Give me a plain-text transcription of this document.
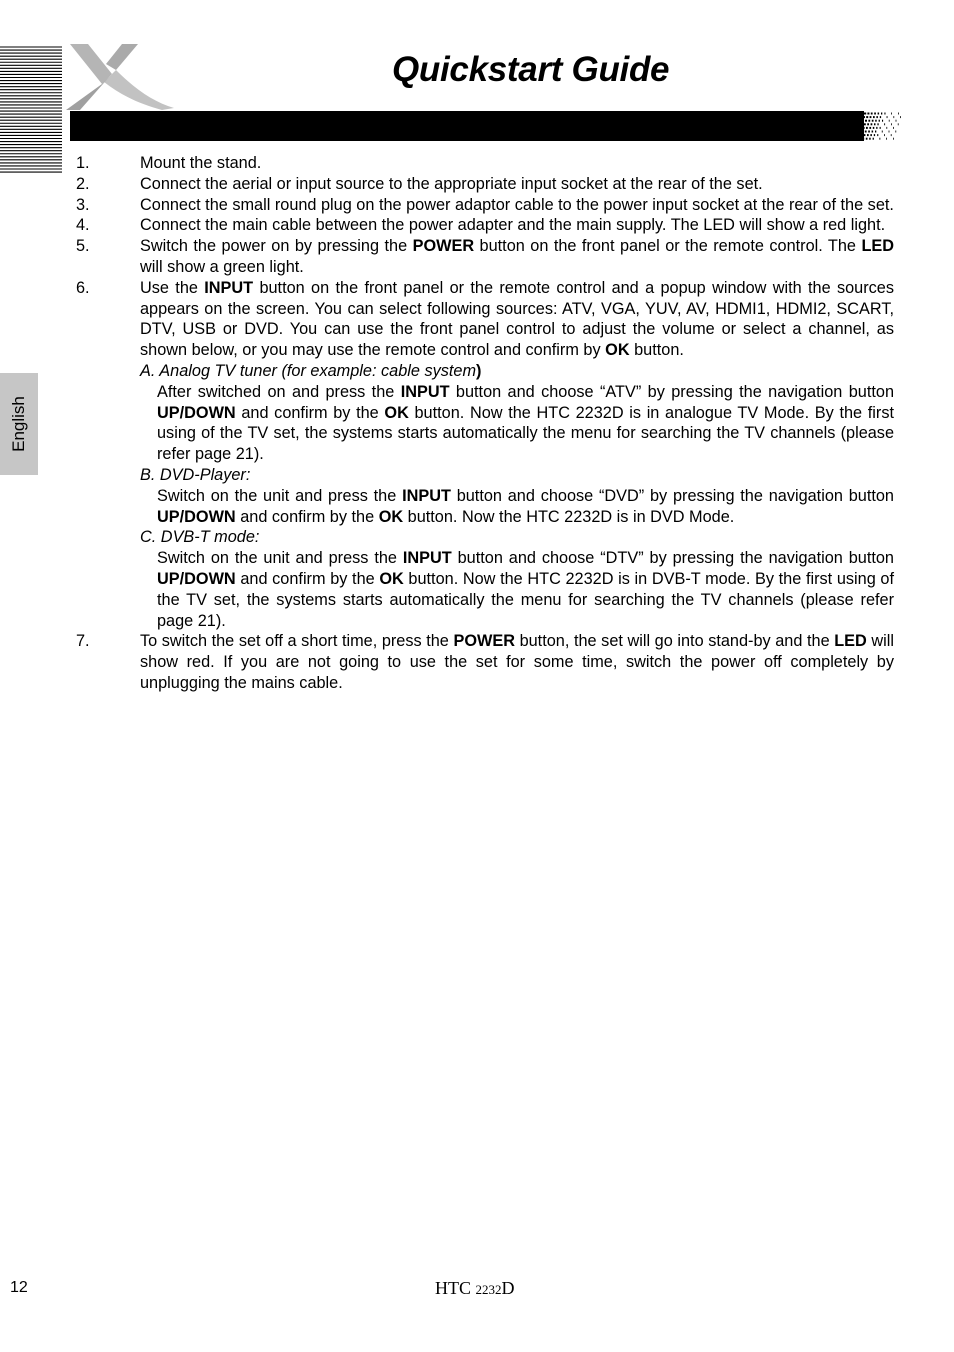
Quickstart Guide
English
1.	Mount the stand.
2.	Connect the aerial or input source to the appropriate input socket at the rear of the set.
3.	Connect the small round plug on the power adaptor cable to the power input socket at the rear of the set.
4.	Connect the main cable between the power adapter and the main supply. The LED will show a red light.
5.	Switch the power on by pressing the POWER button on the front panel or the remote control. The LED will show a green light.
6.	Use the INPUT button on the front panel or the remote control and a popup window with the sources appears on the screen. You can select following sources: ATV, VGA, YUV, AV, HDMI1, HDMI2, SCART, DTV, USB or DVD. You can use the front panel control to adjust the volume or select a channel, as shown below, or you may use the remote control and confirm by OK button.
A. Analog TV tuner (for example: cable system)
After switched on and press the INPUT button and choose “ATV” by pressing the navigation button UP/DOWN and confirm by the OK button. Now the HTC 2232D is in analogue TV Mode. By the first using of the TV set, the systems starts automatically the menu for searching the TV channels (please refer page 21).
B. DVD-Player:
Switch on the unit and press the INPUT button and choose “DVD” by pressing the navigation button UP/DOWN and confirm by the OK button. Now the HTC 2232D is in DVD Mode.
C. DVB-T mode:
Switch on the unit and press the INPUT button and choose “DTV” by pressing the navigation button UP/DOWN and confirm by the OK button. Now the HTC 2232D is in DVB-T mode. By the first using of the TV set, the systems starts automatically the menu for searching the TV channels (please refer page 21).
7.	To switch the set off a short time, press the POWER button, the set will go into stand-by and the LED will show red. If you are not going to use the set for some time, switch the power off completely by unplugging the mains cable.
12	HTC 2232D
